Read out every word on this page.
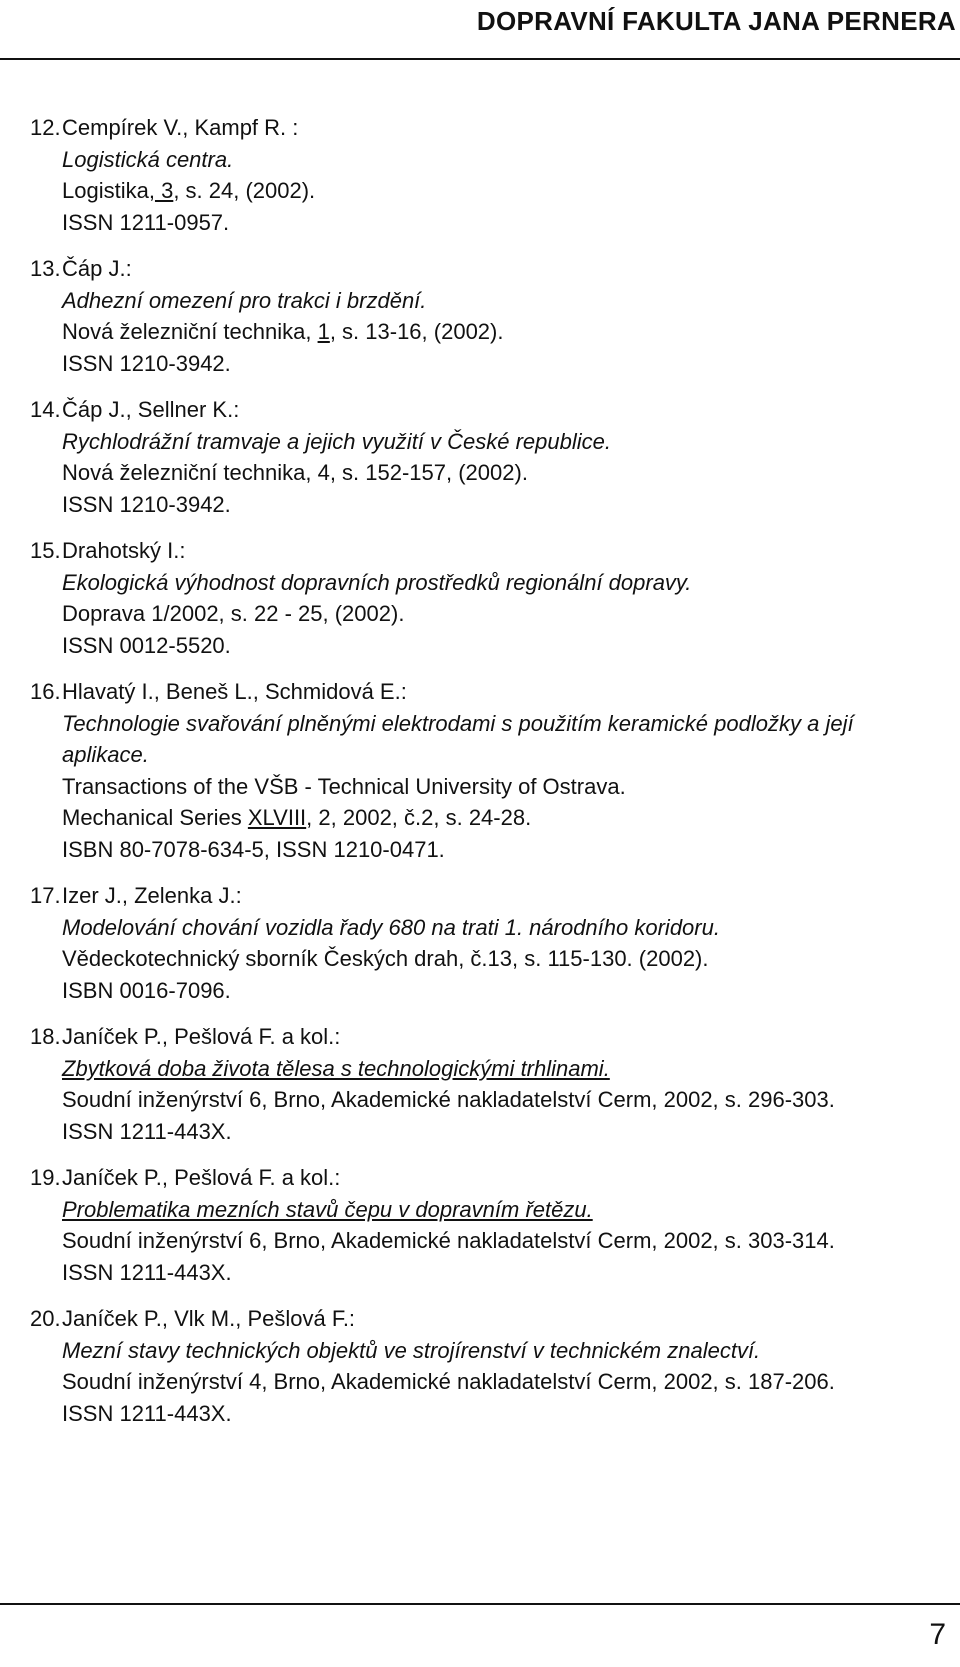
DOPRAVNÍ FAKULTA JANA PERNERA
12. Cempírek V., Kampf R. :
Logistická centra.
Logistika, 3, s. 24, (2002).
ISSN 1211-0957.
13. Čáp J.:
Adhezní omezení pro trakci i brzdění.
Nová železniční technika, 1, s. 13-16, (2002).
ISSN 1210-3942.
14. Čáp J., Sellner K.:
Rychlodrážní tramvaje a jejich využití v České republice.
Nová železniční technika, 4, s. 152-157, (2002).
ISSN 1210-3942.
15. Drahotský I.:
Ekologická výhodnost dopravních prostředků regionální dopravy.
Doprava 1/2002, s. 22 - 25, (2002).
ISSN 0012-5520.
16. Hlavatý I., Beneš L., Schmidová E.:
Technologie svařování plněnými elektrodami s použitím keramické podložky a její aplikace.
Transactions of the VŠB - Technical University of Ostrava.
Mechanical Series XLVIII, 2, 2002, č.2, s. 24-28.
ISBN 80-7078-634-5, ISSN 1210-0471.
17. Izer J., Zelenka J.:
Modelování chování vozidla řady 680 na trati 1. národního koridoru.
Vědeckotechnický sborník Českých drah, č.13, s. 115-130. (2002).
ISBN 0016-7096.
18. Janíček P., Pešlová F. a kol.:
Zbytková doba života tělesa s technologickými trhlinami.
Soudní inženýrství 6, Brno, Akademické nakladatelství Cerm, 2002, s. 296-303.
ISSN 1211-443X.
19. Janíček P., Pešlová F. a kol.:
Problematika mezních stavů čepu v dopravním řetězu.
Soudní inženýrství 6, Brno, Akademické nakladatelství Cerm, 2002, s. 303-314.
ISSN 1211-443X.
20. Janíček P., Vlk M., Pešlová F.:
Mezní stavy technických objektů ve strojírenství v technickém znalectví.
Soudní inženýrství 4, Brno, Akademické nakladatelství Cerm, 2002, s. 187-206.
ISSN 1211-443X.
7
